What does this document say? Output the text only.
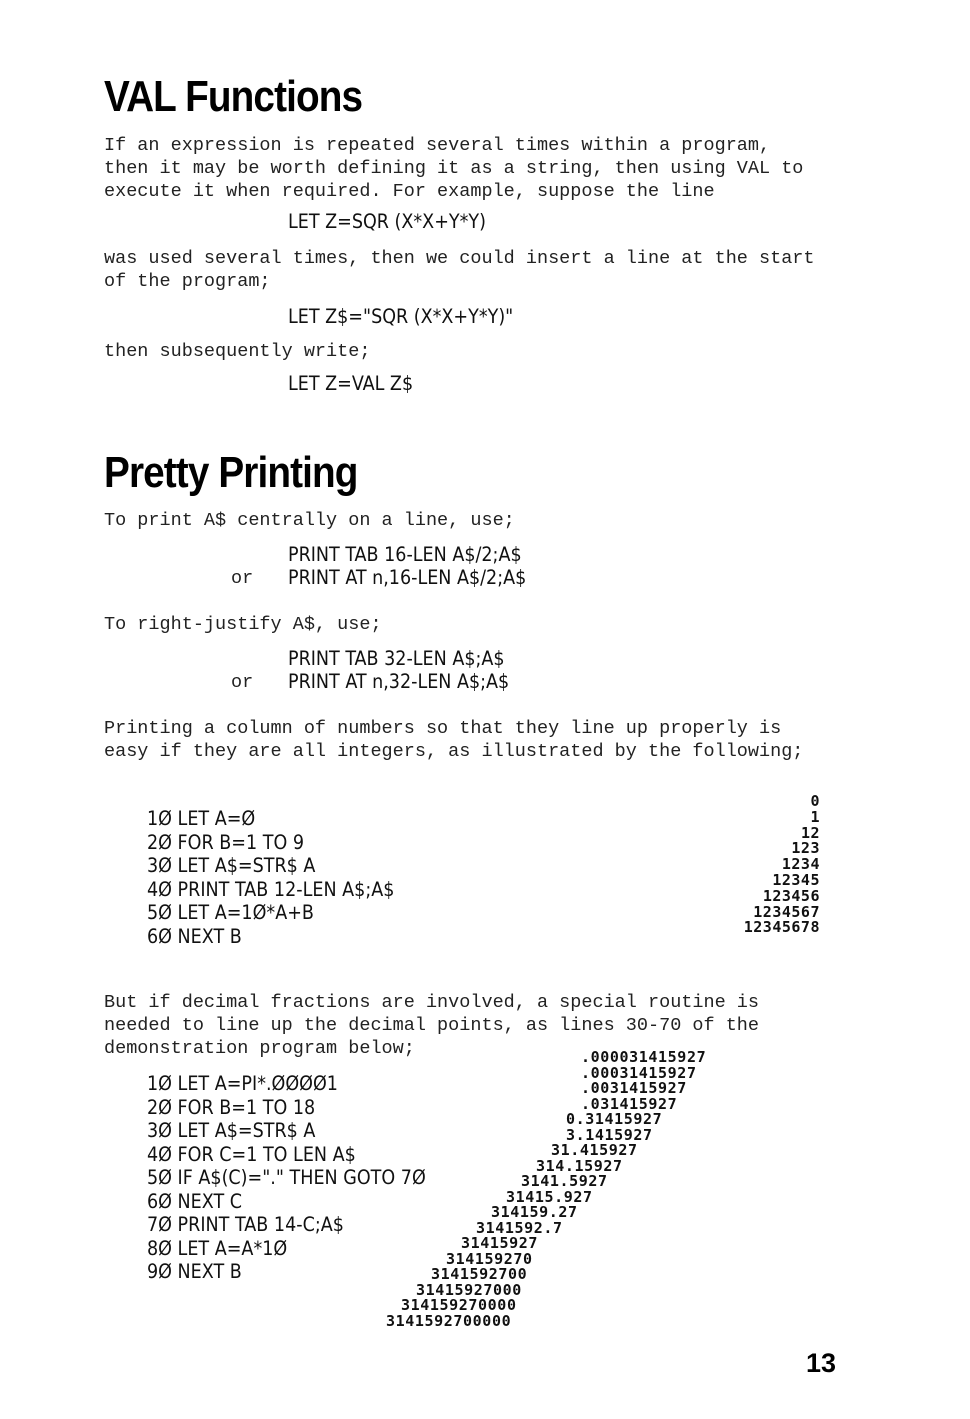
VAL Functions

If an expression is repeated several times within a program,
then it may be worth defining it as a string, then using VAL to
execute it when required. For example, suppose the line

LET Z=SQR (X*X+Y*Y)

was used several times, then we could insert a line at the start
of the program;

LET Z$="SQR (X*X+Y*Y)"

then subsequently write;

LET Z=VAL Z$

Pretty Printing

To print A$ centrally on a line, use;

PRINT TAB 16-LEN A$/2;A$

or PRINT AT n,16-LEN A$/2;A$

To right-justify A$, use;

PRINT TAB 32-LEN A$;A$

or PRINT AT n,32-LEN A$;A$

Printing a column of numbers so that they line up properly is
easy if they are all integers, as illustrated by the following;

1Ø LET A=Ø
2Ø FOR B=1 TO 9
3Ø LET A$=STR$ A
4Ø PRINT TAB 12-LEN A$;A$
5Ø LET A=1Ø*A+B
6Ø NEXT B
0
1
12
123
1234
12345
123456
1234567
12345678

But if decimal fractions are involved, a special routine is
needed to line up the decimal points, as lines 30-70 of the
demonstration program below;

1Ø LET A=PI*.ØØØØ1
2Ø FOR B=1 TO 18
3Ø LET A$=STR$ A
4Ø FOR C=1 TO LEN A$
5Ø IF A$(C)="." THEN GOTO 7Ø
6Ø NEXT C
7Ø PRINT TAB 14-C;A$
8Ø LET A=A*1Ø
9Ø NEXT B
.000031415927
.00031415927
.0031415927
.031415927
0.31415927
3.1415927
31.415927
314.15927
3141.5927
31415.927
314159.27
3141592.7
31415927
314159270
3141592700
31415927000
314159270000
3141592700000
13
